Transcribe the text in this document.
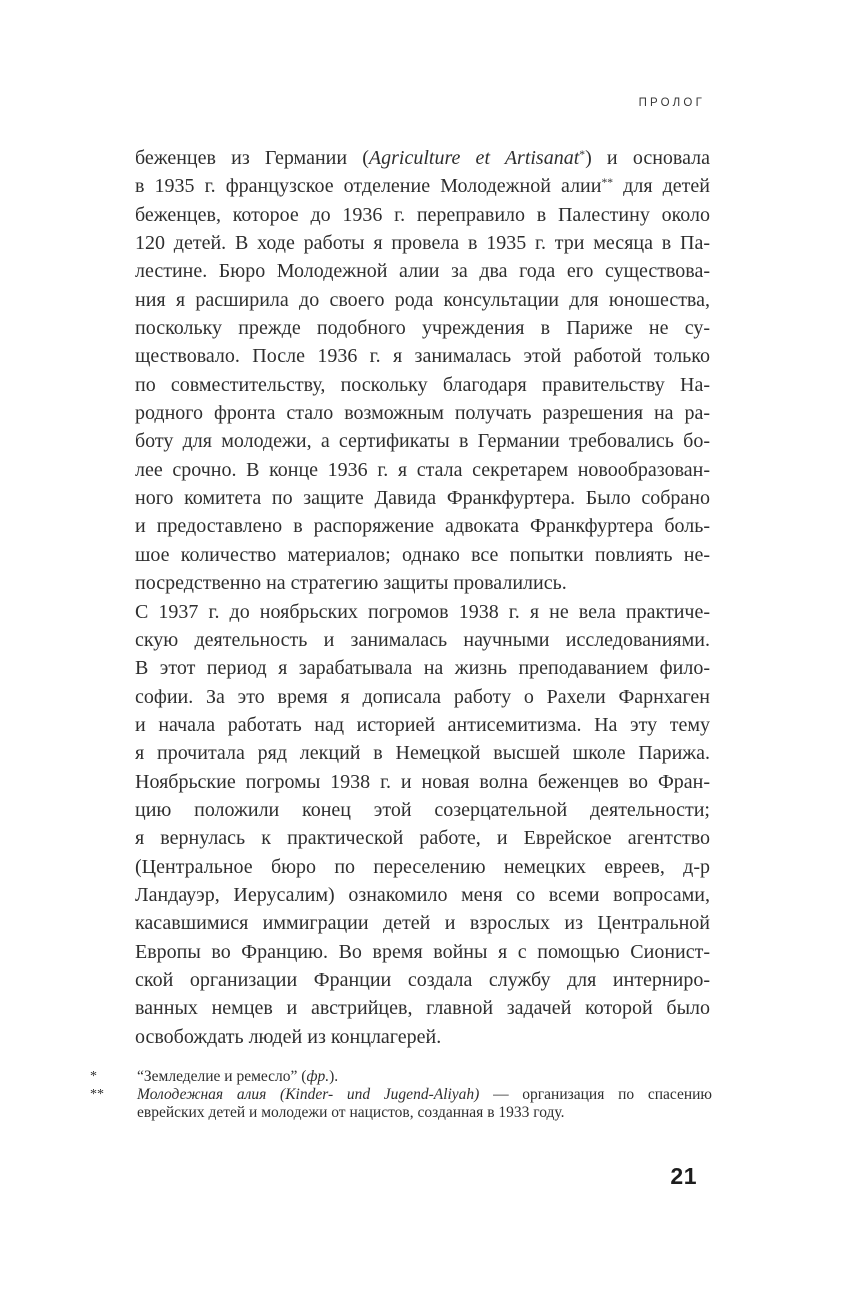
ПРОЛОГ
беженцев из Германии (Agriculture et Artisanat*) и основала
в 1935 г. французское отделение Молодежной алии** для детей
беженцев, которое до 1936 г. переправило в Палестину около
120 детей. В ходе работы я провела в 1935 г. три месяца в Па-
лестине. Бюро Молодежной алии за два года его существова-
ния я расширила до своего рода консультации для юношества,
поскольку прежде подобного учреждения в Париже не су-
ществовало. После 1936 г. я занималась этой работой только
по совместительству, поскольку благодаря правительству На-
родного фронта стало возможным получать разрешения на ра-
боту для молодежи, а сертификаты в Германии требовались бо-
лее срочно. В конце 1936 г. я стала секретарем новообразован-
ного комитета по защите Давида Франкфуртера. Было собрано
и предоставлено в распоряжение адвоката Франкфуртера боль-
шое количество материалов; однако все попытки повлиять не-
посредственно на стратегию защиты провалились.
С 1937 г. до ноябрьских погромов 1938 г. я не вела практиче-
скую деятельность и занималась научными исследованиями.
В этот период я зарабатывала на жизнь преподаванием фило-
софии. За это время я дописала работу о Рахели Фарнхаген
и начала работать над историей антисемитизма. На эту тему
я прочитала ряд лекций в Немецкой высшей школе Парижа.
Ноябрьские погромы 1938 г. и новая волна беженцев во Фран-
цию положили конец этой созерцательной деятельности;
я вернулась к практической работе, и Еврейское агентство
(Центральное бюро по переселению немецких евреев, д-р
Ландауэр, Иерусалим) ознакомило меня со всеми вопросами,
касавшимися иммиграции детей и взрослых из Центральной
Европы во Францию. Во время войны я с помощью Сионист-
ской организации Франции создала службу для интерниро-
ванных немцев и австрийцев, главной задачей которой было
освобождать людей из концлагерей.
*	“Земледелие и ремесло” (фр.).
**	Молодежная алия (Kinder- und Jugend-Aliyah) — организация по спасению
еврейских детей и молодежи от нацистов, созданная в 1933 году.
21
